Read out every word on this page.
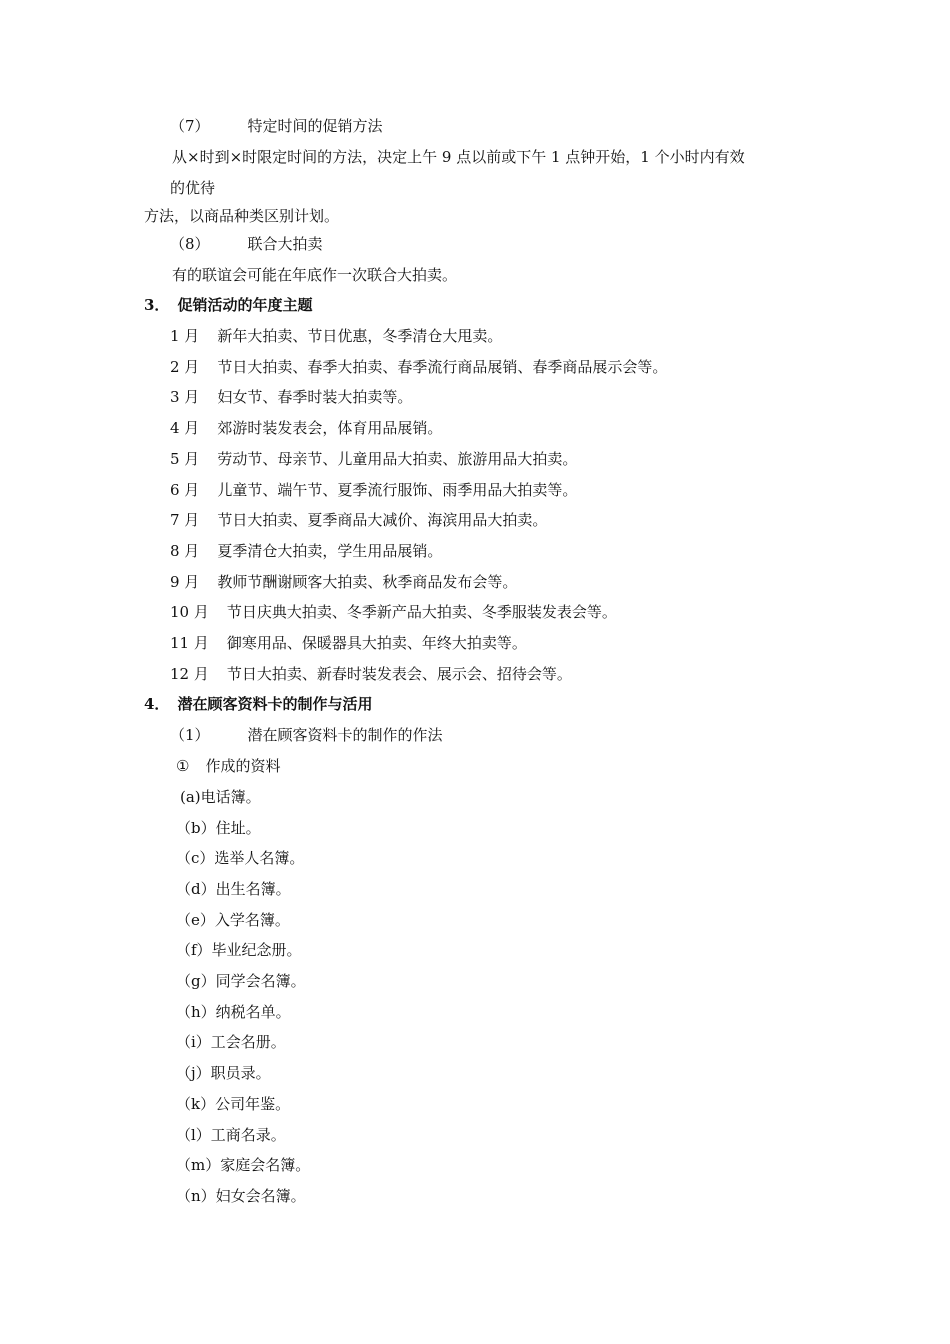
（7）	特定时间的促销方法
从×时到×时限定时间的方法，决定上午 9 点以前或下午 1 点钟开始，1 个小时内有效
的优待
方法，以商品种类区别计划。
（8）	联合大拍卖
有的联谊会可能在年底作一次联合大拍卖。
3． 促销活动的年度主题
1 月 新年大拍卖、节日优惠，冬季清仓大甩卖。
2 月 节日大拍卖、春季大拍卖、春季流行商品展销、春季商品展示会等。
3 月 妇女节、春季时装大拍卖等。
4 月 郊游时装发表会，体育用品展销。
5 月 劳动节、母亲节、儿童用品大拍卖、旅游用品大拍卖。
6 月 儿童节、端午节、夏季流行服饰、雨季用品大拍卖等。
7 月 节日大拍卖、夏季商品大减价、海滨用品大拍卖。
8 月 夏季清仓大拍卖，学生用品展销。
9 月 教师节酬谢顾客大拍卖、秋季商品发布会等。
10 月 节日庆典大拍卖、冬季新产品大拍卖、冬季服装发表会等。
11 月 御寒用品、保暖器具大拍卖、年终大拍卖等。
12 月 节日大拍卖、新春时装发表会、展示会、招待会等。
4． 潜在顾客资料卡的制作与活用
（1）	潜在顾客资料卡的制作的作法
① 作成的资料
(a)电话簿。
（b）住址。
（c）选举人名簿。
（d）出生名簿。
（e）入学名簿。
（f）毕业纪念册。
（g）同学会名簿。
（h）纳税名单。
（i）工会名册。
（j）职员录。
（k）公司年鉴。
（l）工商名录。
（m）家庭会名簿。
（n）妇女会名簿。
